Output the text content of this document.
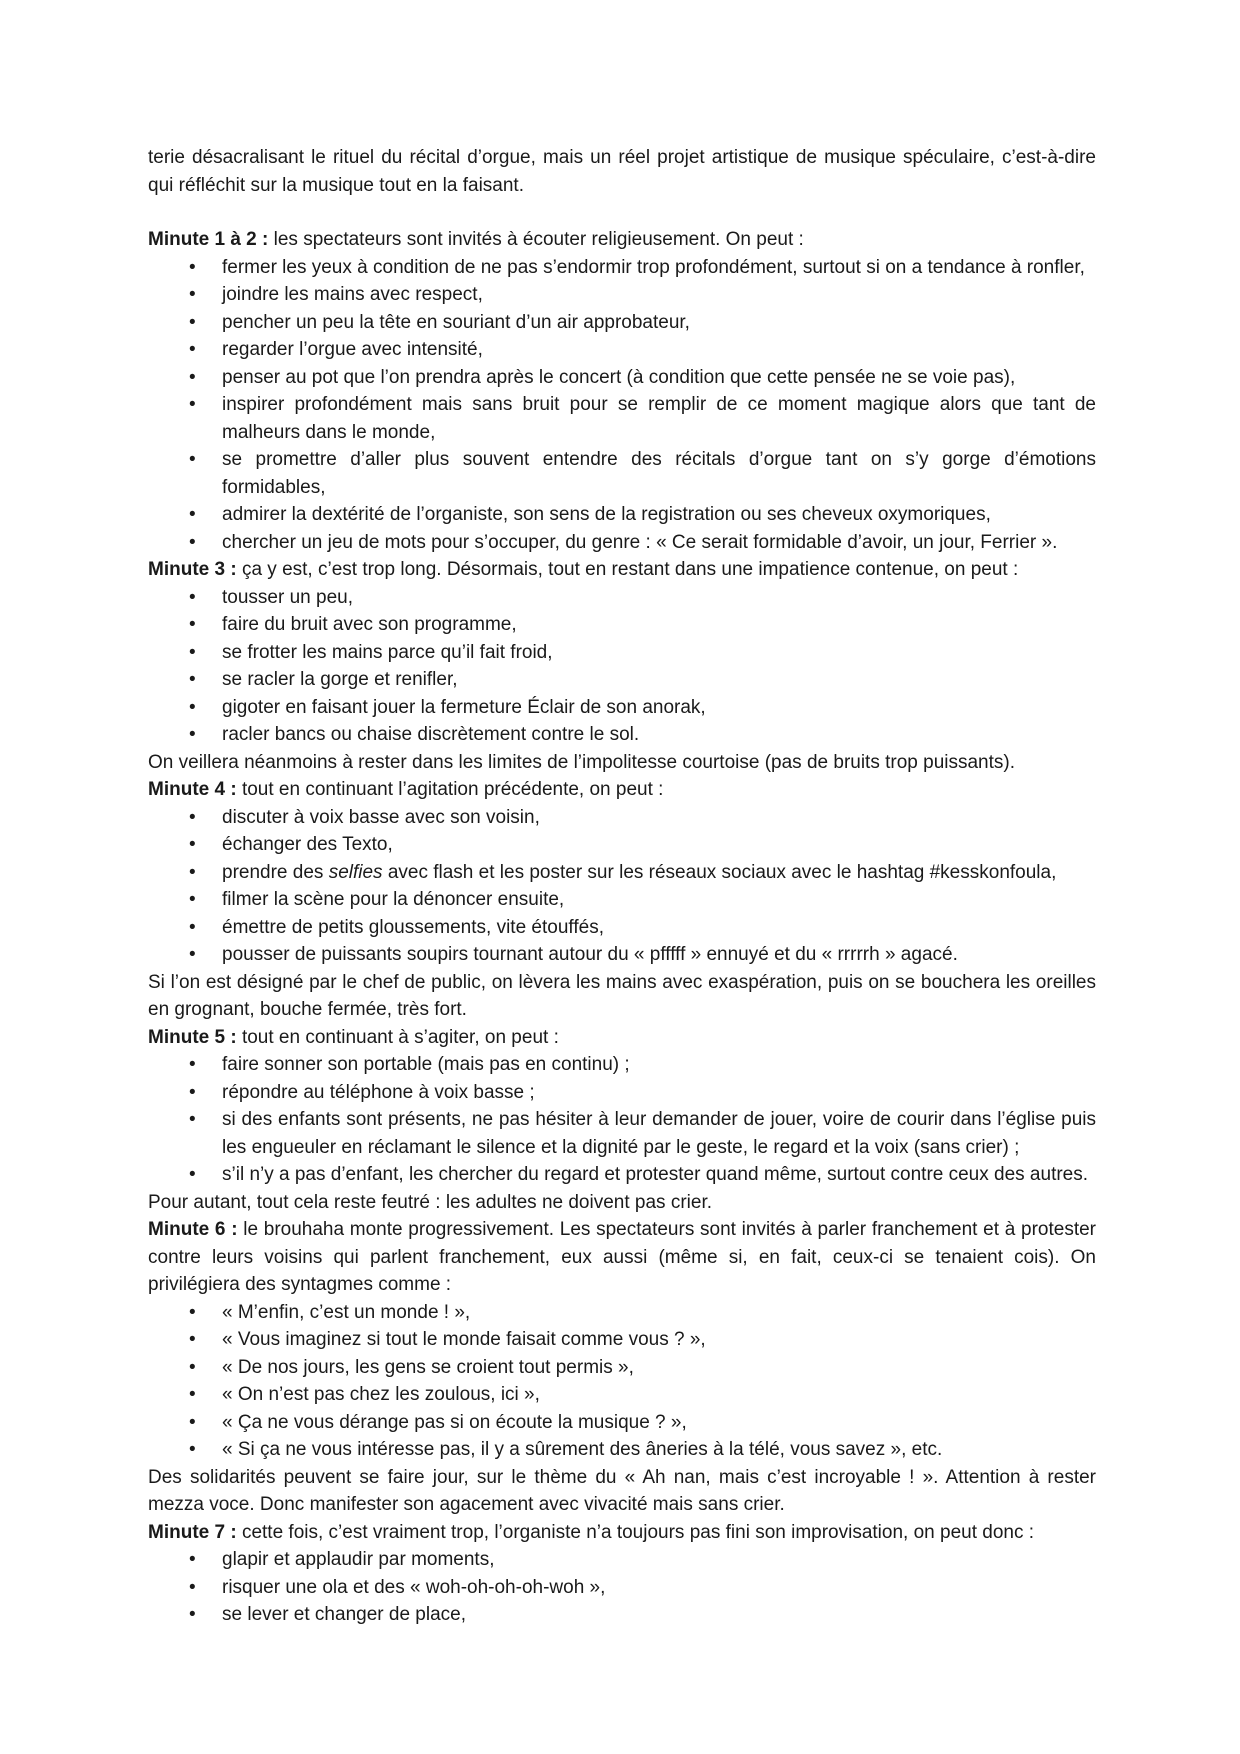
terie désacralisant le rituel du récital d’orgue, mais un réel projet artistique de musique spéculaire, c’est-à-dire qui réfléchit sur la musique tout en la faisant.

Minute 1 à 2 : les spectateurs sont invités à écouter religieusement. On peut :

• fermer les yeux à condition de ne pas s’endormir trop profondément, surtout si on a tendance à ronfler,
• joindre les mains avec respect,
• pencher un peu la tête en souriant d’un air approbateur,
• regarder l’orgue avec intensité,
• penser au pot que l’on prendra après le concert (à condition que cette pensée ne se voie pas),
• inspirer profondément mais sans bruit pour se remplir de ce moment magique alors que tant de malheurs dans le monde,
• se promettre d’aller plus souvent entendre des récitals d’orgue tant on s’y gorge d’émotions formidables,
• admirer la dextérité de l’organiste, son sens de la registration ou ses cheveux oxymoriques,
• chercher un jeu de mots pour s’occuper, du genre : « Ce serait formidable d’avoir, un jour, Ferrier ».

Minute 3 : ça y est, c’est trop long. Désormais, tout en restant dans une impatience contenue, on peut :

• tousser un peu,
• faire du bruit avec son programme,
• se frotter les mains parce qu’il fait froid,
• se racler la gorge et renifler,
• gigoter en faisant jouer la fermeture Éclair de son anorak,
• racler bancs ou chaise discrètement contre le sol.

On veillera néanmoins à rester dans les limites de l’impolitesse courtoise (pas de bruits trop puissants).

Minute 4 : tout en continuant l’agitation précédente, on peut :

• discuter à voix basse avec son voisin,
• échanger des Texto,
• prendre des selfies avec flash et les poster sur les réseaux sociaux avec le hashtag #kesskonfoula,
• filmer la scène pour la dénoncer ensuite,
• émettre de petits gloussements, vite étouffés,
• pousser de puissants soupirs tournant autour du « pfffff » ennuyé et du « rrrrrh » agacé.

Si l’on est désigné par le chef de public, on lèvera les mains avec exaspération, puis on se bouchera les oreilles en grognant, bouche fermée, très fort.

Minute 5 : tout en continuant à s’agiter, on peut :

• faire sonner son portable (mais pas en continu) ;
• répondre au téléphone à voix basse ;
• si des enfants sont présents, ne pas hésiter à leur demander de jouer, voire de courir dans l’église puis les engueuler en réclamant le silence et la dignité par le geste, le regard et la voix (sans crier) ;
• s’il n’y a pas d’enfant, les chercher du regard et protester quand même, surtout contre ceux des autres.

Pour autant, tout cela reste feutré : les adultes ne doivent pas crier.

Minute 6 : le brouhaha monte progressivement. Les spectateurs sont invités à parler franchement et à protester contre leurs voisins qui parlent franchement, eux aussi (même si, en fait, ceux-ci se tenaient cois). On privilégiera des syntagmes comme :

• « M’enfin, c’est un monde ! »,
• « Vous imaginez si tout le monde faisait comme vous ? »,
• « De nos jours, les gens se croient tout permis »,
• « On n’est pas chez les zoulous, ici »,
• « Ça ne vous dérange pas si on écoute la musique ? »,
• « Si ça ne vous intéresse pas, il y a sûrement des âneries à la télé, vous savez », etc.

Des solidarités peuvent se faire jour, sur le thème du « Ah nan, mais c’est incroyable ! ». Attention à rester mezza voce. Donc manifester son agacement avec vivacité mais sans crier.

Minute 7 : cette fois, c’est vraiment trop, l’organiste n’a toujours pas fini son improvisation, on peut donc :

• glapir et applaudir par moments,
• risquer une ola et des « woh-oh-oh-oh-woh »,
• se lever et changer de place,
